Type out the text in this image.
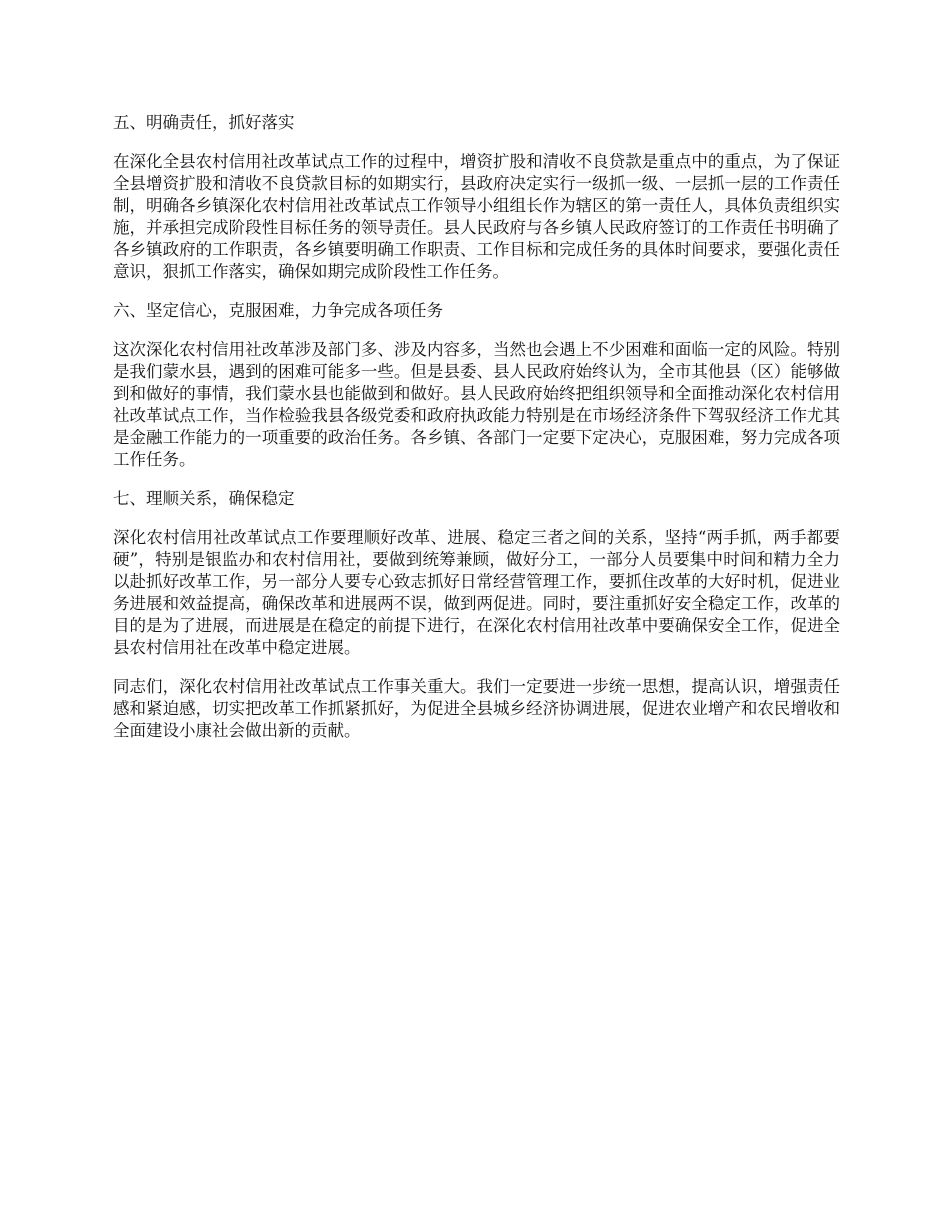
五、明确责任，抓好落实

在深化全县农村信用社改革试点工作的过程中，增资扩股和清收不良贷款是重点中的重点，为了保证全县增资扩股和清收不良贷款目标的如期实行，县政府决定实行一级抓一级、一层抓一层的工作责任制，明确各乡镇深化农村信用社改革试点工作领导小组组长作为辖区的第一责任人，具体负责组织实施，并承担完成阶段性目标任务的领导责任。县人民政府与各乡镇人民政府签订的工作责任书明确了各乡镇政府的工作职责，各乡镇要明确工作职责、工作目标和完成任务的具体时间要求，要强化责任意识，狠抓工作落实，确保如期完成阶段性工作任务。

六、坚定信心，克服困难，力争完成各项任务

这次深化农村信用社改革涉及部门多、涉及内容多，当然也会遇上不少困难和面临一定的风险。特别是我们蒙水县，遇到的困难可能多一些。但是县委、县人民政府始终认为，全市其他县（区）能够做到和做好的事情，我们蒙水县也能做到和做好。县人民政府始终把组织领导和全面推动深化农村信用社改革试点工作，当作检验我县各级党委和政府执政能力特别是在市场经济条件下驾驭经济工作尤其是金融工作能力的一项重要的政治任务。各乡镇、各部门一定要下定决心，克服困难，努力完成各项工作任务。

七、理顺关系，确保稳定

深化农村信用社改革试点工作要理顺好改革、进展、稳定三者之间的关系，坚持“两手抓，两手都要硬”，特别是银监办和农村信用社，要做到统筹兼顾，做好分工，一部分人员要集中时间和精力全力以赴抓好改革工作，另一部分人要专心致志抓好日常经营管理工作，要抓住改革的大好时机，促进业务进展和效益提高，确保改革和进展两不误，做到两促进。同时，要注重抓好安全稳定工作，改革的目的是为了进展，而进展是在稳定的前提下进行，在深化农村信用社改革中要确保安全工作，促进全县农村信用社在改革中稳定进展。

同志们，深化农村信用社改革试点工作事关重大。我们一定要进一步统一思想，提高认识，增强责任感和紧迫感，切实把改革工作抓紧抓好，为促进全县城乡经济协调进展，促进农业增产和农民增收和全面建设小康社会做出新的贡献。
